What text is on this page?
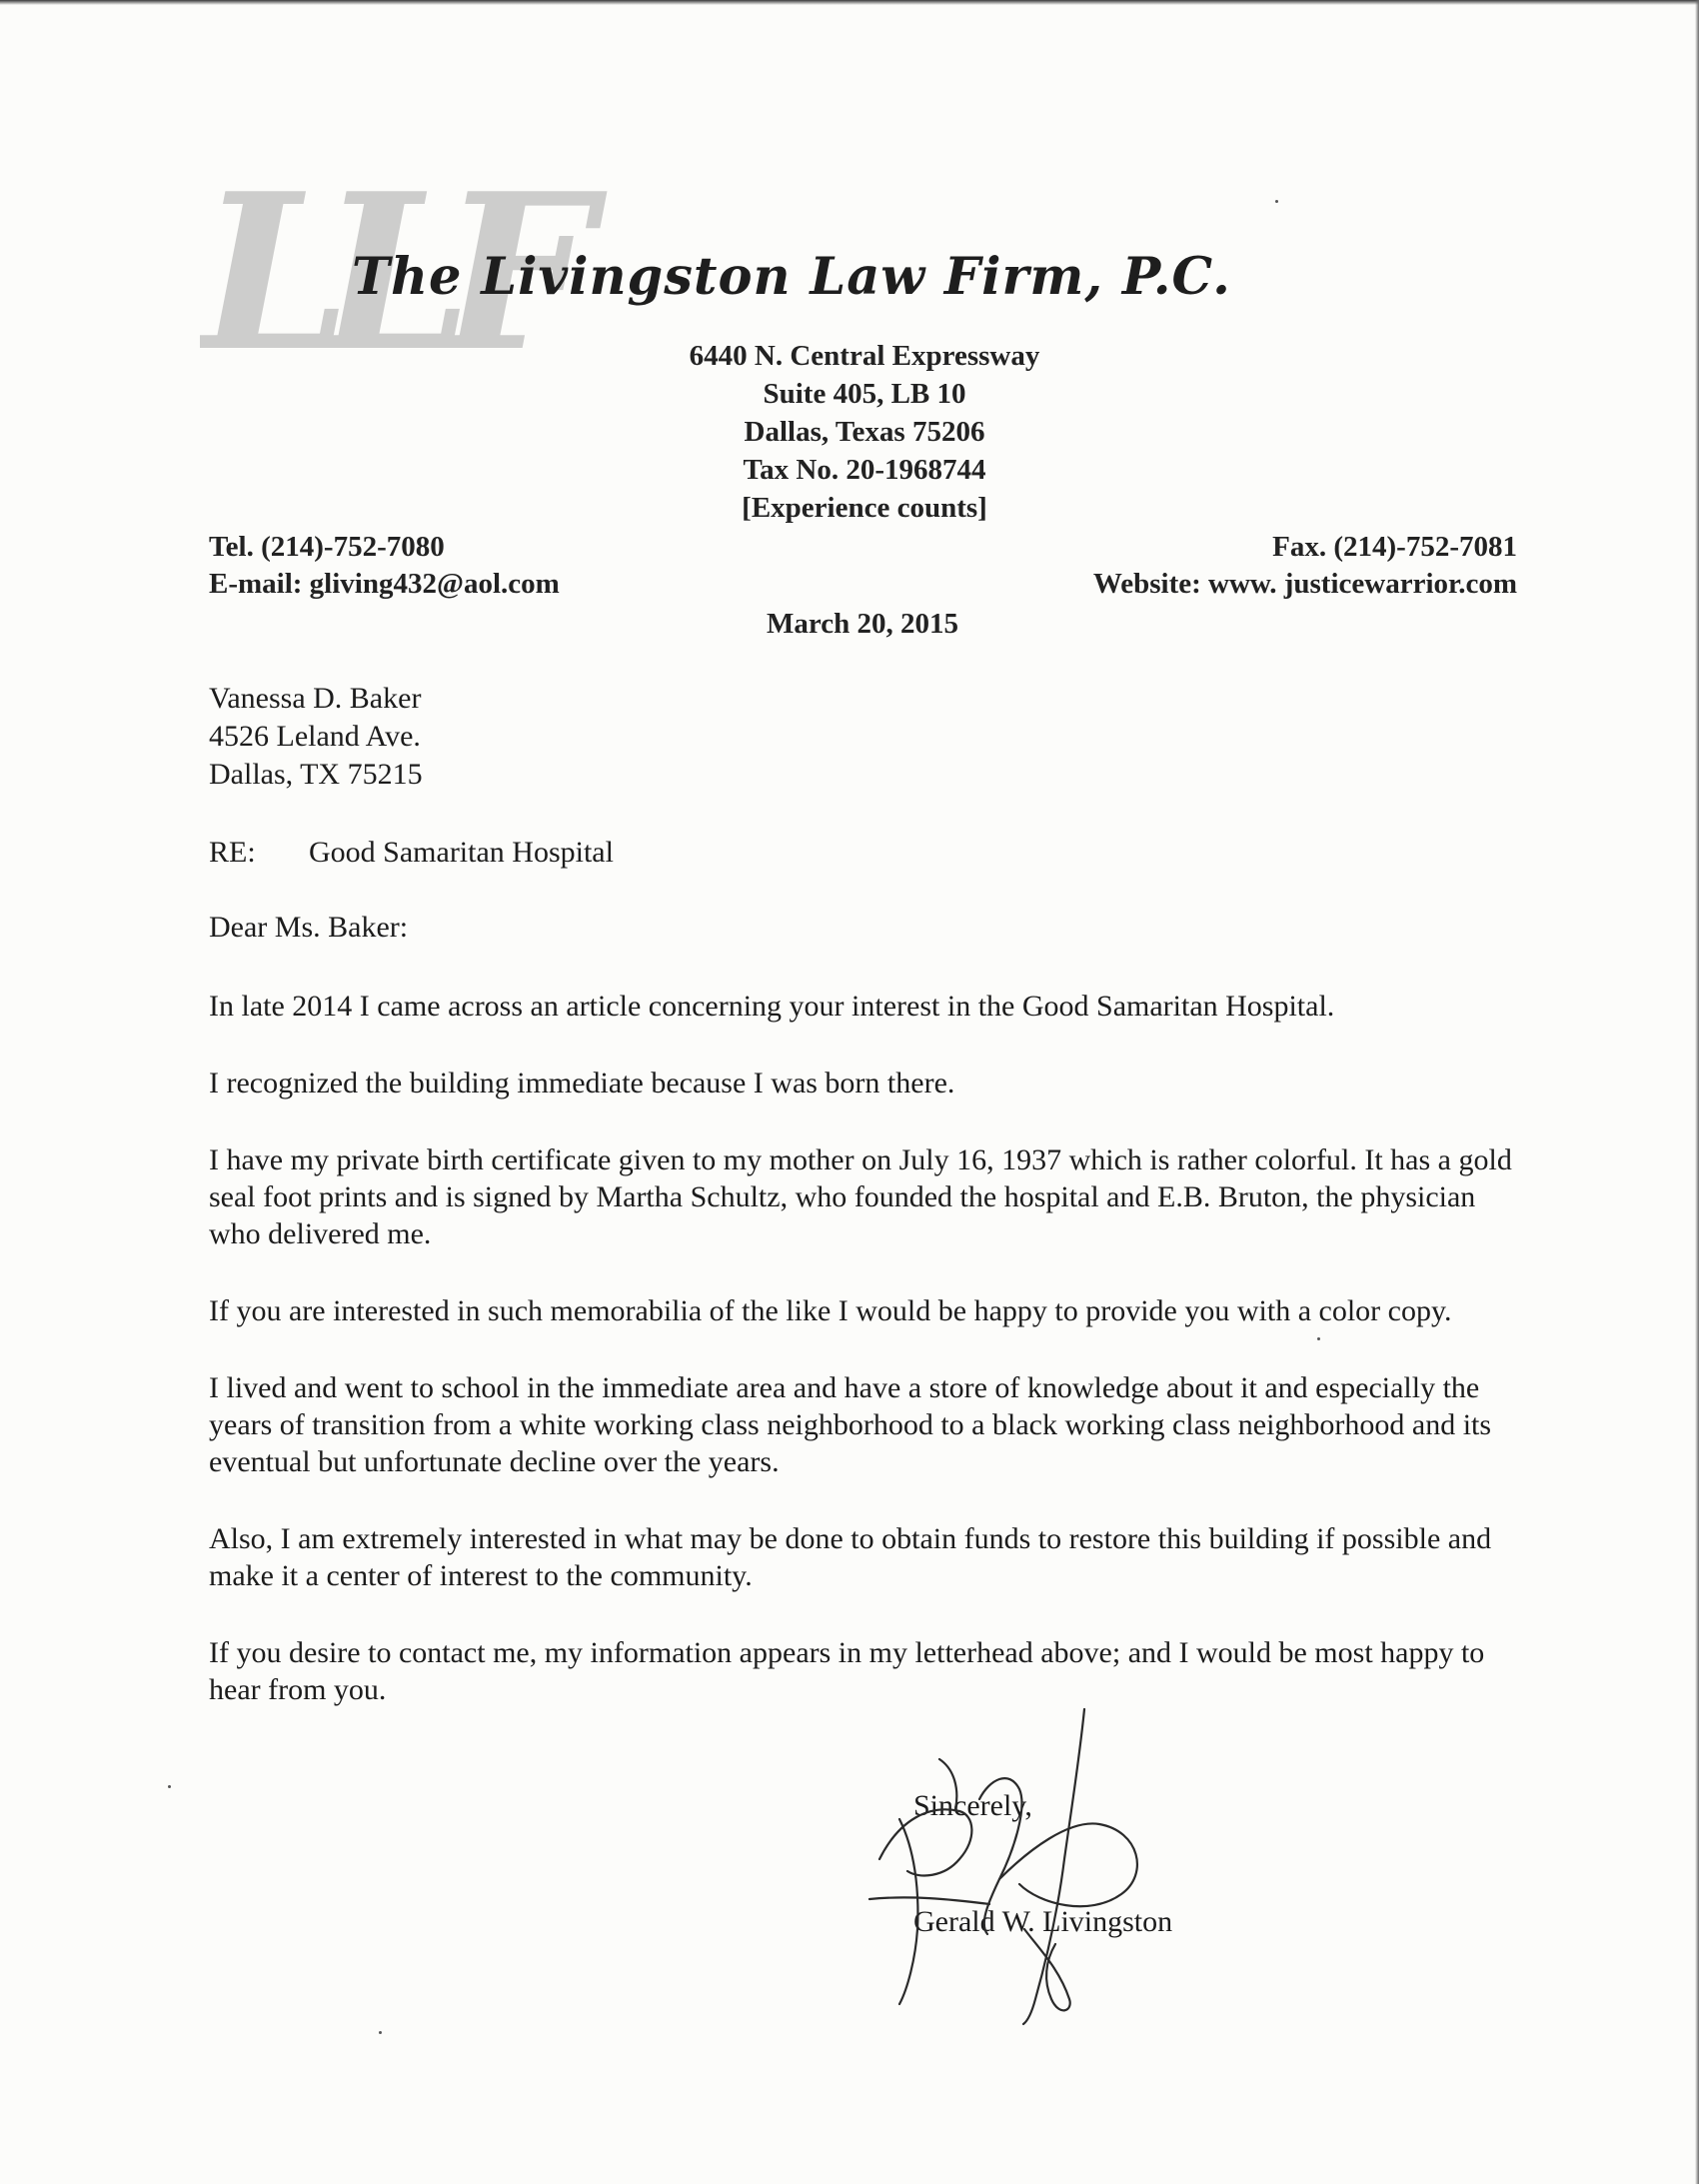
LLF
The Livingston Law Firm, P.C.
6440 N. Central Expressway
Suite 405, LB 10
Dallas, Texas 75206
Tax No. 20-1968744
[Experience counts]
Tel. (214)-752-7080
E-mail: gliving432@aol.com
Fax. (214)-752-7081
Website: www. justicewarrior.com
March 20, 2015
Vanessa D. Baker
4526 Leland Ave.
Dallas, TX 75215
RE: Good Samaritan Hospital
Dear Ms. Baker:

In late 2014 I came across an article concerning your interest in the Good Samaritan Hospital.

I recognized the building immediate because I was born there.

I have my private birth certificate given to my mother on July 16, 1937 which is rather colorful. It has a gold seal foot prints and is signed by Martha Schultz, who founded the hospital and E.B. Bruton, the physician who delivered me.

If you are interested in such memorabilia of the like I would be happy to provide you with a color copy.

I lived and went to school in the immediate area and have a store of knowledge about it and especially the years of transition from a white working class neighborhood to a black working class neighborhood and its eventual but unfortunate decline over the years.

Also, I am extremely interested in what may be done to obtain funds to restore this building if possible and make it a center of interest to the community.

If you desire to contact me, my information appears in my letterhead above; and I would be most happy to hear from you.

Sincerely,
Gerald W. Livingston
